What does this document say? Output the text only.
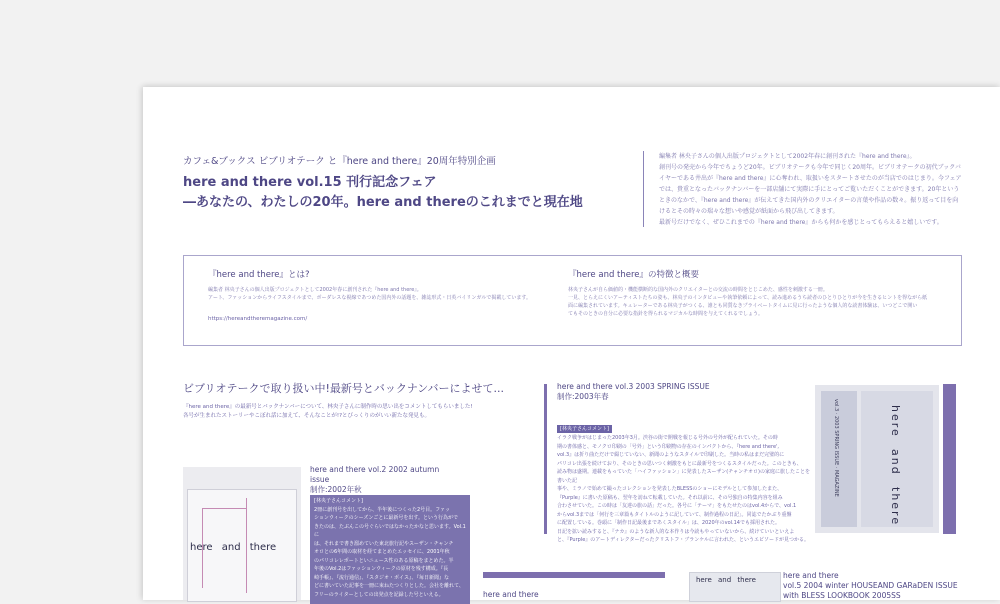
カフェ&ブックス ビブリオテーク と『here and there』20周年特別企画
here and there vol.15 刊行記念フェア
―あなたの、わたしの20年。here and thereのこれまでと現在地
編集者 林央子さんの個人出版プロジェクトとして2002年春に創刊された『here and there』。
創刊号の発売から今年でちょうど20年。ビブリオテークも今年で同じく20周年。ビブリオテークの初代ブックバ
イヤーである井出が『here and there』に心奪われ、取扱いをスタートさせたのが当店でのはじまり。今フェア
では、貴重となったバックナンバーを一部店舗にて実際に手にとってご覧いただくことができます。20年という
ときのなかで、『here and there』が伝えてきた国内外のクリエイターの言葉や作品の数々。振り返って目を向
けるとその時々の瑞々な想いや感覚が紙面から飛び出してきます。
最新号だけでなく、ぜひこれまでの『here and there』からも何かを感じとってもらえると嬉しいです。
『here and there』とは?
編集者 林央子さんの個人出版プロジェクトとして2002年春に創刊された『here and there』。
アート、ファッションからライフスタイルまで、ボーダレスな視線であつめた国内外の話題を、雑誌形式・日英バイリンガルで掲載しています。
https://hereandtheremagazine.com/
『here and there』の特徴と概要
林央子さんが自ら価値的・機能横断的な国内外のクリエイターとの交流の時間をとじこめた、感性を刺激する一冊。
一見、とらえにくいアーティストたちの姿も、林央子のインタビューや執筆依頼によって、読み進めるうち読者のひとりひとりが今を生きるヒントを得ながら紙
面に編集されています。キュレーターである林央子がつくる、誰とも同質なきプライベートタイムに見に行ったような個人的な読書体験は、いつどこで開い
てもそのときの自分に必要な指針を得られるマジカルな時間を与えてくれるでしょう。
ビブリオテークで取り扱い中!最新号とバックナンバーによせて...
『here and there』の最新号とバックナンバーについて、林央子さんに制作時の思い出をコメントしてもらいました!
各号が生まれたストーリーやこぼれ話に加えて、そんなことが!?とびっくりのがいい新たな発見も。
here and there
here and there vol.2 2002 autumn issue
制作:2002年秋
[林央子さんコメント]
2冊に創刊号を出してから、半年後につくった2号目。ファッ
ションウィークのシーズンごとに最新号を出す。という行為がで
きたのは、たぶんこの号ぐらいではなかったかなと思います。Vol.1に
は、それまで書き溜めていた東北旅行記やスーザン・チャンチ
オロとの6年間の取材を経てまとめたエッセイに、2001年秋
のパリコレレポートといニュース性のある原稿をまとめた。半
年後のVol.2はファッションウィークの原材を残す構成。『長
崎手帳』、『流行通信』、『スタジオ・ボイス』、『毎日新聞』な
どに書いていた記事を一冊に束ねたつくりとした。会社を離れて、フリーのライターとしての出発点を記録した号といえる。
here and there vol.3 2003 SPRING ISSUE
制作:2003年春
[林央子さんコメント]
イラク戦争がはじまった2003年3月。渋谷の街で開戦を報じる号外の号外が配られていた。その時
期の書体感と、モノクロ印刷の「号外」という印刷物の存在のインパクトから、『here and there',
vol.3』は折り曲ただけで綴じていない、新聞のようなスタイルで印刷した。当時の私はまだ完璧的に
パリコレ出張を続けており、そのときの思いつく刺激をもとに最新号をつくるスタイルだった。このときも、
読み物は盛期。連載をもっていた「ハイファッション」に発表したスーザン(チャンチオロ)の家庭に旅したことを書いた記
事や、ミラノで始めて撮ったコレクションを発表したBLESSのショーにモデルとして参加したまた、
『Purple』に書いた原稿も、翌年を訪ねて転載していた。それ以前に、その号独自の特集内容を組み
合わさせていた。この時は「友達の旅の話」だった。各号に「テーマ」をもたせたのはvol.4からで、vol.1
からvol.3までは「何行を三章篇もタイトルのように記していて、制作過程の日記」。同誌でたかぶり重盤
に配置している。巻頭に「制作日記最後まであくスタイル」は、2020年のvol.14でも採用された。
日記を拡い読みすると、『ナカ』のような新人的な本作りは今読もやっていないから、続けていいといえよ
と、『Purple』のアートディレクターだったクリストフ・ブランケルに言われた、というエピソードが見つかる。
vol.3 · 2003 SPRING ISSUE · MAGAZINE	here
and
there
here and there
here and there	here and there
vol.5 2004 winter HOUSEAND GARaDEN ISSUE
with BLESS LOOKBOOK 2005SS
